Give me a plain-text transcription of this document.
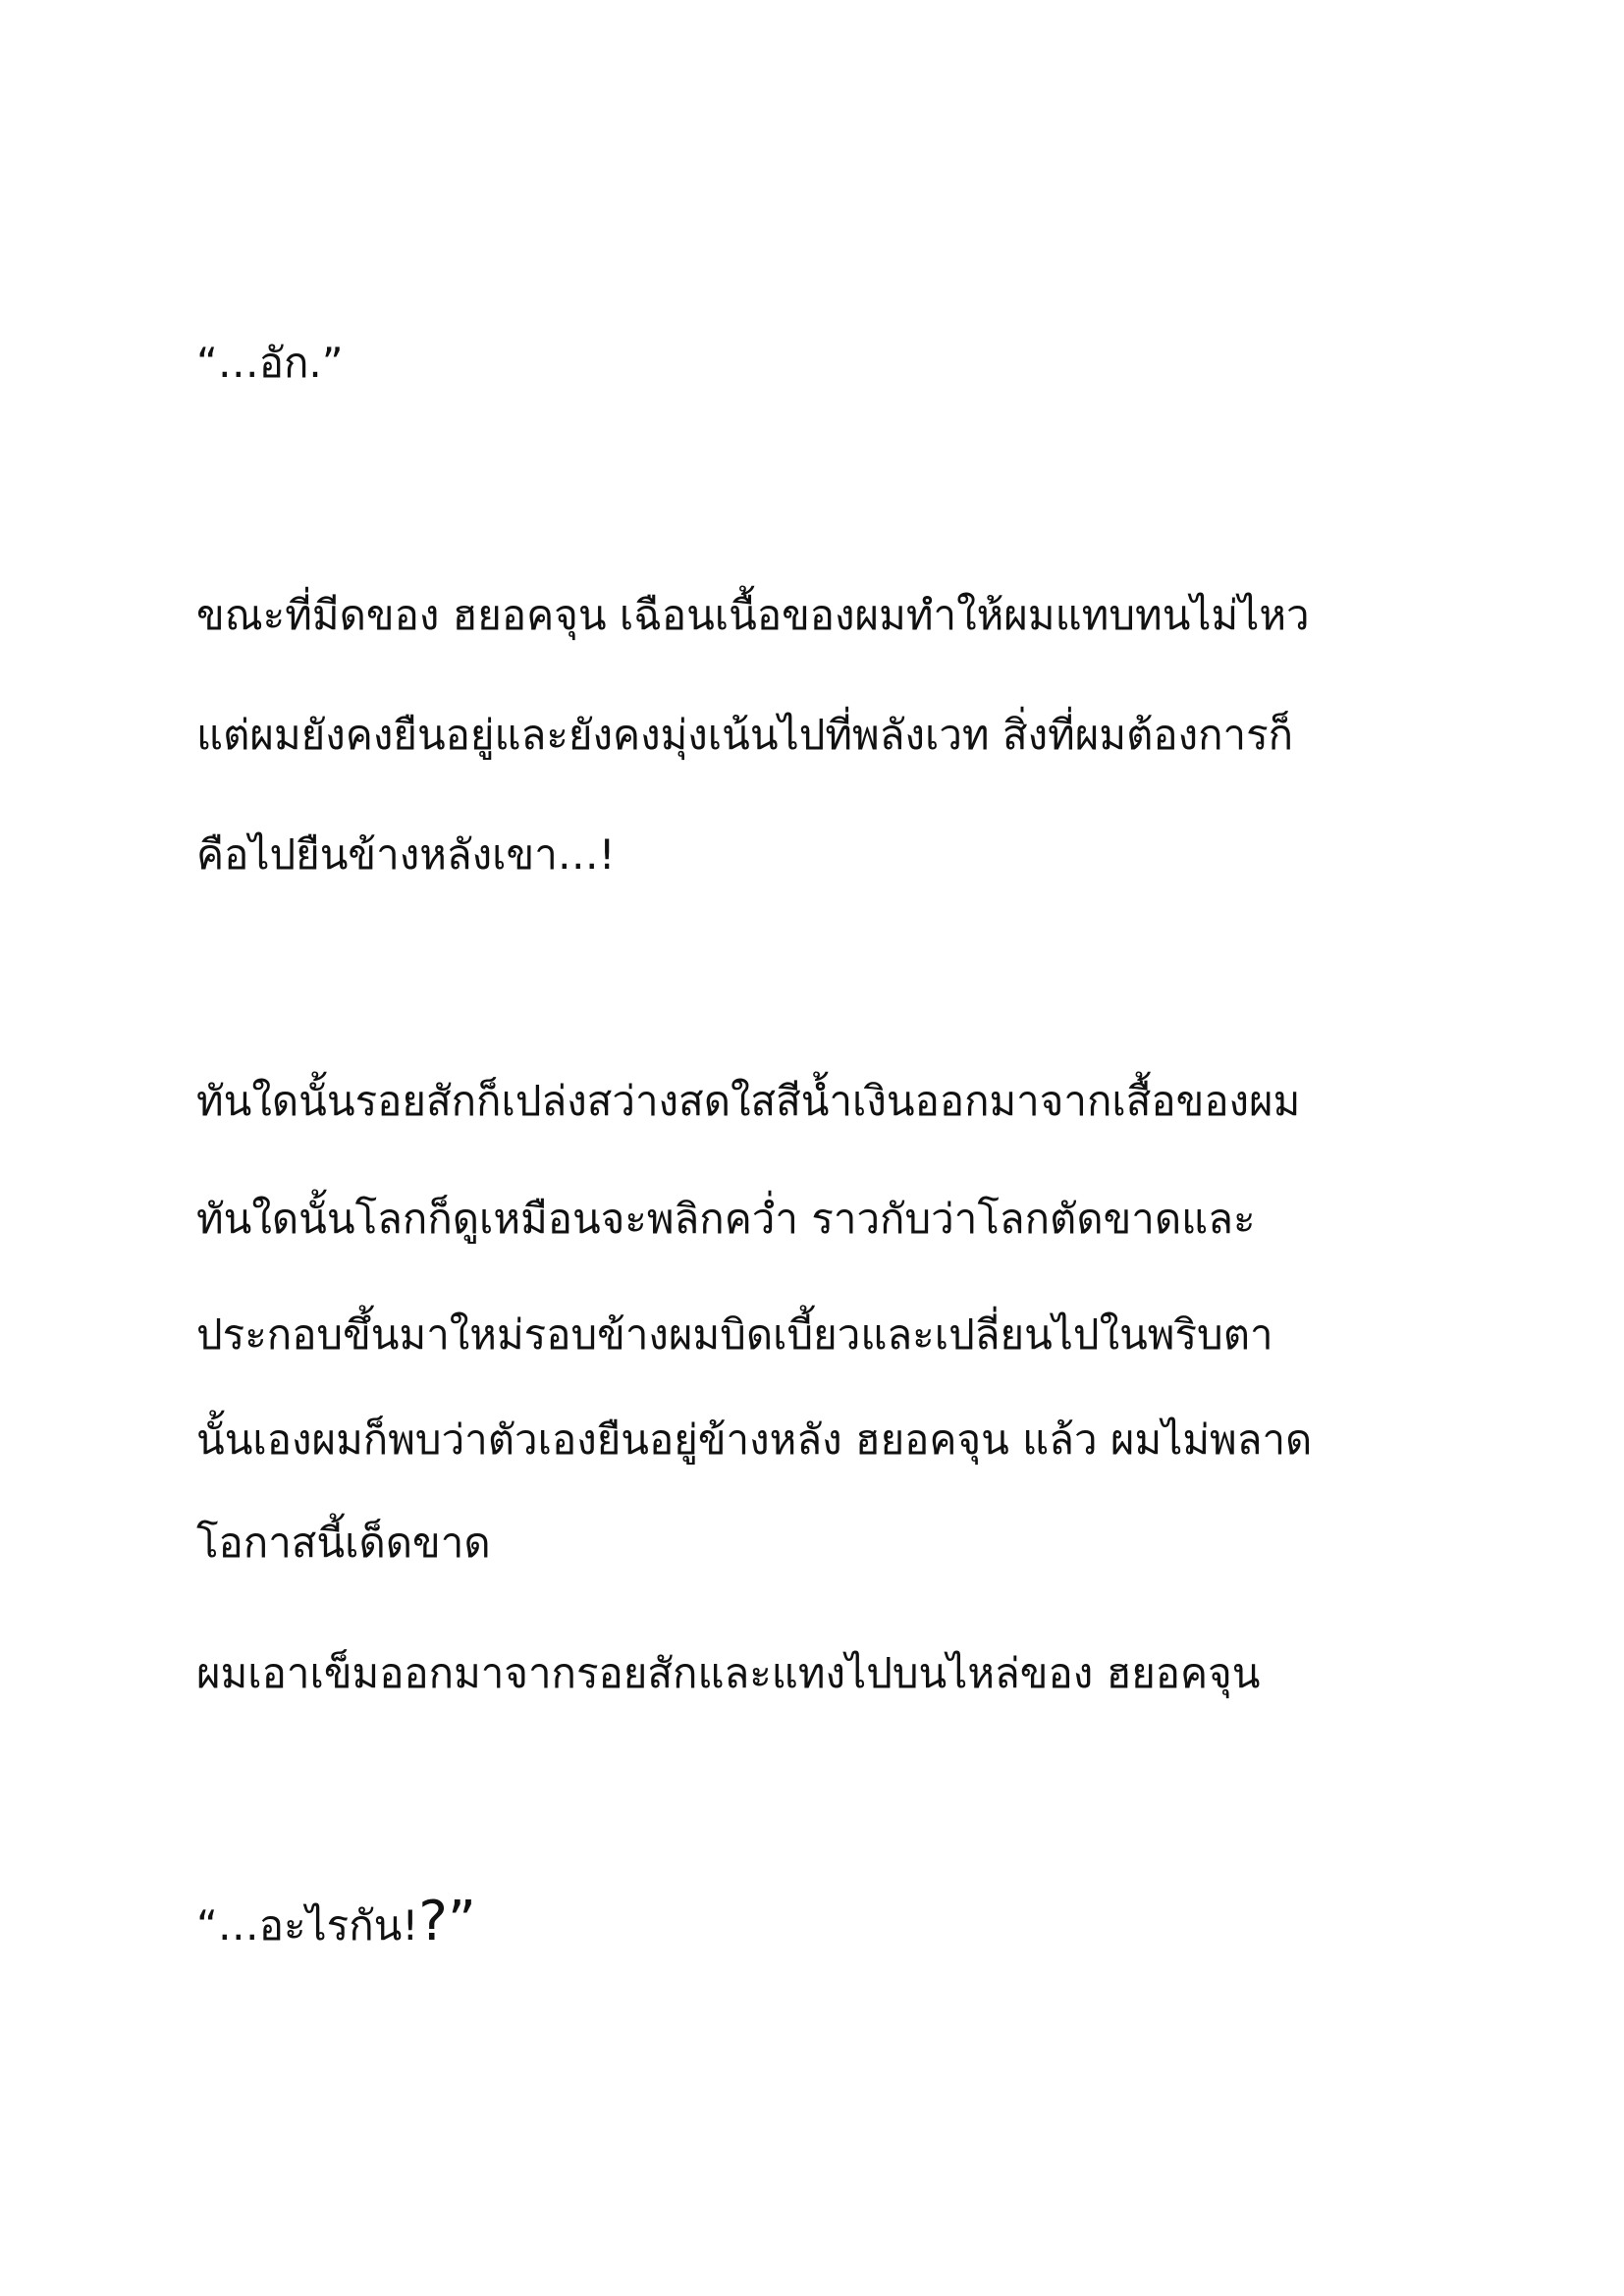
“…อัก.”
ขณะที่มีดของ ฮยอคจุน เฉือนเนื้อของผมทำให้ผมแทบทนไม่ไหว
แต่ผมยังคงยืนอยู่และยังคงมุ่งเน้นไปที่พลังเวท สิ่งที่ผมต้องการก็
คือไปยืนข้างหลังเขา…!
ทันใดนั้นรอยสักก็เปล่งสว่างสดใสสีน้ำเงินออกมาจากเสื้อของผม
ทันใดนั้นโลกก็ดูเหมือนจะพลิกคว่ำ ราวกับว่าโลกตัดขาดและ
ประกอบขึ้นมาใหม่รอบข้างผมบิดเบี้ยวและเปลี่ยนไปในพริบตา
นั้นเองผมก็พบว่าตัวเองยืนอยู่ข้างหลัง ฮยอคจุน แล้ว ผมไม่พลาด
โอกาสนี้เด็ดขาด
ผมเอาเข็มออกมาจากรอยสักและแทงไปบนไหล่ของ ฮยอคจุน
“…อะไรกัน!?”
